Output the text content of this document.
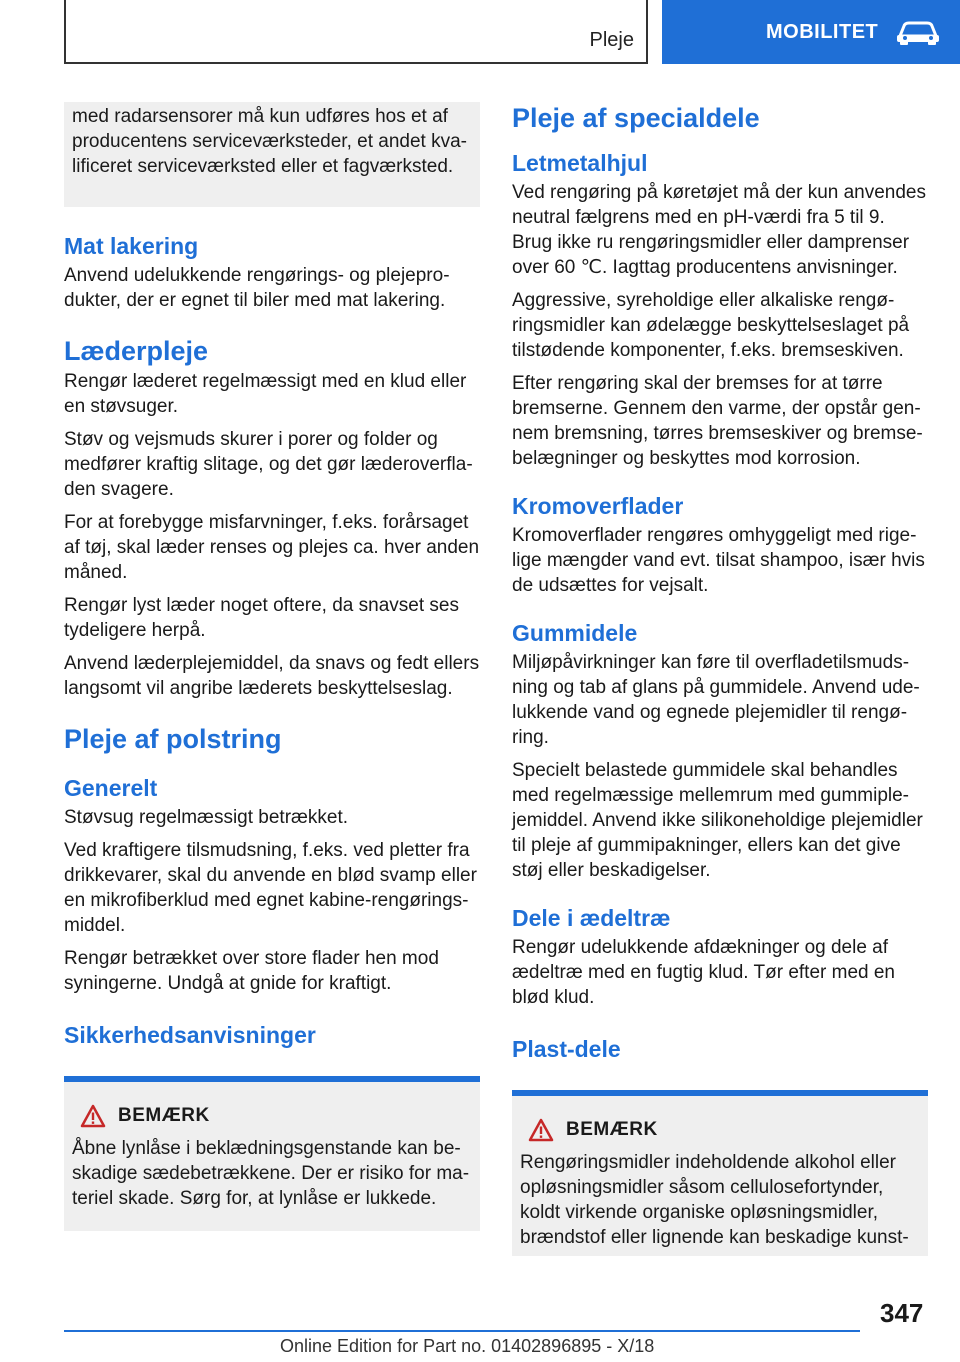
Pleje	MOBILITET

med radarsensorer må kun udføres hos et af producentens serviceværksteder, et andet kva-lificeret serviceværksted eller et fagværksted.

Mat lakering

Anvend udelukkende rengørings- og plejepro-dukter, der er egnet til biler med mat lakering.

Læderpleje

Rengør læderet regelmæssigt med en klud eller en støvsuger.

Støv og vejsmuds skurer i porer og folder og medfører kraftig slitage, og det gør læderoverfla-den svagere.

For at forebygge misfarvninger, f.eks. forårsaget af tøj, skal læder renses og plejes ca. hver anden måned.

Rengør lyst læder noget oftere, da snavset ses tydeligere herpå.

Anvend læderplejemiddel, da snavs og fedt ellers langsomt vil angribe læderets beskyttelseslag.

Pleje af polstring
Generelt

Støvsug regelmæssigt betrækket.

Ved kraftigere tilsmudsning, f.eks. ved pletter fra drikkevarer, skal du anvende en blød svamp eller en mikrofiberklud med egnet kabine-rengørings-middel.

Rengør betrækket over store flader hen mod syningerne. Undgå at gnide for kraftigt.

Sikkerhedsanvisninger
BEMÆRK

Åbne lynlåse i beklædningsgenstande kan be-skadige sædebetrækkene. Der er risiko for ma-teriel skade. Sørg for, at lynlåse er lukkede.

Pleje af specialdele
Letmetalhjul

Ved rengøring på køretøjet må der kun anvendes neutral fælgrens med en pH-værdi fra 5 til 9. Brug ikke ru rengøringsmidler eller damprenser over 60 ℃. Iagttag producentens anvisninger.

Aggressive, syreholdige eller alkaliske rengø-ringsmidler kan ødelægge beskyttelseslaget på tilstødende komponenter, f.eks. bremseskiven.

Efter rengøring skal der bremses for at tørre bremserne. Gennem den varme, der opstår gen-nem bremsning, tørres bremseskiver og bremse-belægninger og beskyttes mod korrosion.

Kromoverflader

Kromoverflader rengøres omhyggeligt med rige-lige mængder vand evt. tilsat shampoo, især hvis de udsættes for vejsalt.

Gummidele

Miljøpåvirkninger kan føre til overfladetilsmuds-ning og tab af glans på gummidele. Anvend ude-lukkende vand og egnede plejemidler til rengø-ring.

Specielt belastede gummidele skal behandles med regelmæssige mellemrum med gummiple-jemiddel. Anvend ikke silikoneholdige plejemidler til pleje af gummipakninger, ellers kan det give støj eller beskadigelser.

Dele i ædeltræ

Rengør udelukkende afdækninger og dele af ædeltræ med en fugtig klud. Tør efter med en blød klud.

Plast-dele
BEMÆRK

Rengøringsmidler indeholdende alkohol eller opløsningsmidler såsom cellulosefortynder, koldt virkende organiske opløsningsmidler, brændstof eller lignende kan beskadige kunst-

347
Online Edition for Part no. 01402896895 - X/18
